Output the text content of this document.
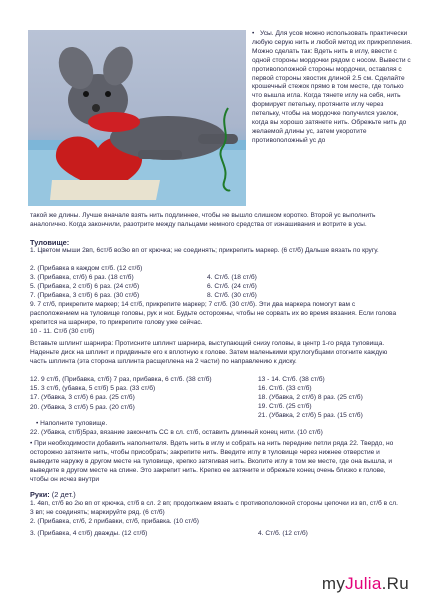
• Усы. Для усов можно использовать практически любую серую нить и любой метод их прикрепления. Можно сделать так: Вдеть нить в иглу, ввести с одной стороны мордочки рядом с носом. Вывести с противоположной стороны мордочки, оставляя с первой стороны хвостик длиной 2.5 см. Сделайте крошечный стежок прямо в том месте, где только что вышла игла. Когда тянете иглу на себя, нить формирует петельку, протяните иглу через петельку, чтобы на мордочке получился узелок, когда вы хорошо затянете нить. Обрежьте нить до желаемой длины ус, затем укоротите противоположный ус до
такой же длины. Лучше вначале взять нить подлиннее, чтобы не вышло слишком коротко. Второй ус выполнить аналогично. Когда закончили, разотрите между пальцами немного средства от изнашивания и вотрите в усы.
Туловище:
1. Цветом мыши 2вп, 6ст/б воЗю вп от крючка; не соединять; прикрепить маркер. (6 ст/б) Дальше вязать по кругу.
2. (Прибавка в каждом ст/б. (12 ст/б)
3. (Прибавка, ст/б) 6 раз. (18 ст/б)	4. Ст/б. (18 ст/б)
5. (Прибавка, 2 ст/б) 6 раз. (24 ст/б)	6. Ст/б. (24 ст/б)
7. (Прибавка, 3 ст/б) 6 раз. (30 ст/б)	8. Ст/б. (30 ст/б)
9. 7 ст/б, прикрепите маркер; 14 ст/б, прикрепите маркер; 7 ст/б. (30 ст/б). Эти два маркера помогут вам с расположением на туловище головы, рук и ног. Будьте осторожны, чтобы не сорвать их во время вязания. Если голова крепится на шарнире, то прикрепите голову уже сейчас.
10 - 11. Ст/б (30 ст/б)
Вставьте шплинт шарнира: Протисните шплинт шарнира, выступающий снизу головы, в центр 1-го ряда туловища. Наденьте диск на шплинт и придвиньте его к вплотную к голове. Затем маленькими круглогубцами отогните каждую часть шплинта (эта сторона шплинта расщеплена на 2 части) по направлению к диску.
12. 9 ст/б, (Прибавка, ст/б) 7 раз, прибавка, 6 ст/б. (38 ст/б)	13 - 14. Ст/б. (38 ст/б)
15. 3 ст/б, (убавка, 5 ст/б) 5 раз. (33 ст/б)	16. Ст/б. (33 ст/б)
17. (Убавка, 3 ст/б) 6 раз. (25 ст/б)	18. (Убавка, 2 ст/б) 8 раз. (25 ст/б)
19. Ст/б. (25 ст/б)
20. (Убавка, 3 ст/б) 5 раз. (20 ст/б)
21. (Убавка, 2 ст/б) 5 раз. (15 ст/б)
• Наполните туловище.
22. (Убавка, ст/б)5раз, вязание закончить СС в сл. ст/б, оставить длинный конец нити. (10 ст/б)
• При необходимости добавить наполнителя. Вдеть нить в иглу и собрать на нить передние петли ряда 22. Твердо, но осторожно затяните нить, чтобы присобрать; закрепите нить. Введите иглу в туловище через нижнее отверстие и выведите наружу в другом месте на туловище, крепко затягивая нить. Вколите иглу в том же месте, где она вышла, и выведите в другом месте на спине. Это закрепит нить. Крепко ее затяните и обрежьте конец очень близко к голове, чтобы он исчез внутри
Руки: (2 дет.)
1. 4вп, ст/б во 2ю вп от крючка, ст/б в сл. 2 вп; продолжаем вязать с противоположной стороны цепочки из вп, ст/б в сл. 3 вп; не соединять; маркируйте ряд. (6 ст/б)
2. (Прибавка, ст/б, 2 прибавки, ст/б, прибавка. (10 ст/б)
3. (Прибавка, 4 ст/б) дважды. (12 ст/б)	4. Ст/б. (12 ст/б)
myJulia.Ru
